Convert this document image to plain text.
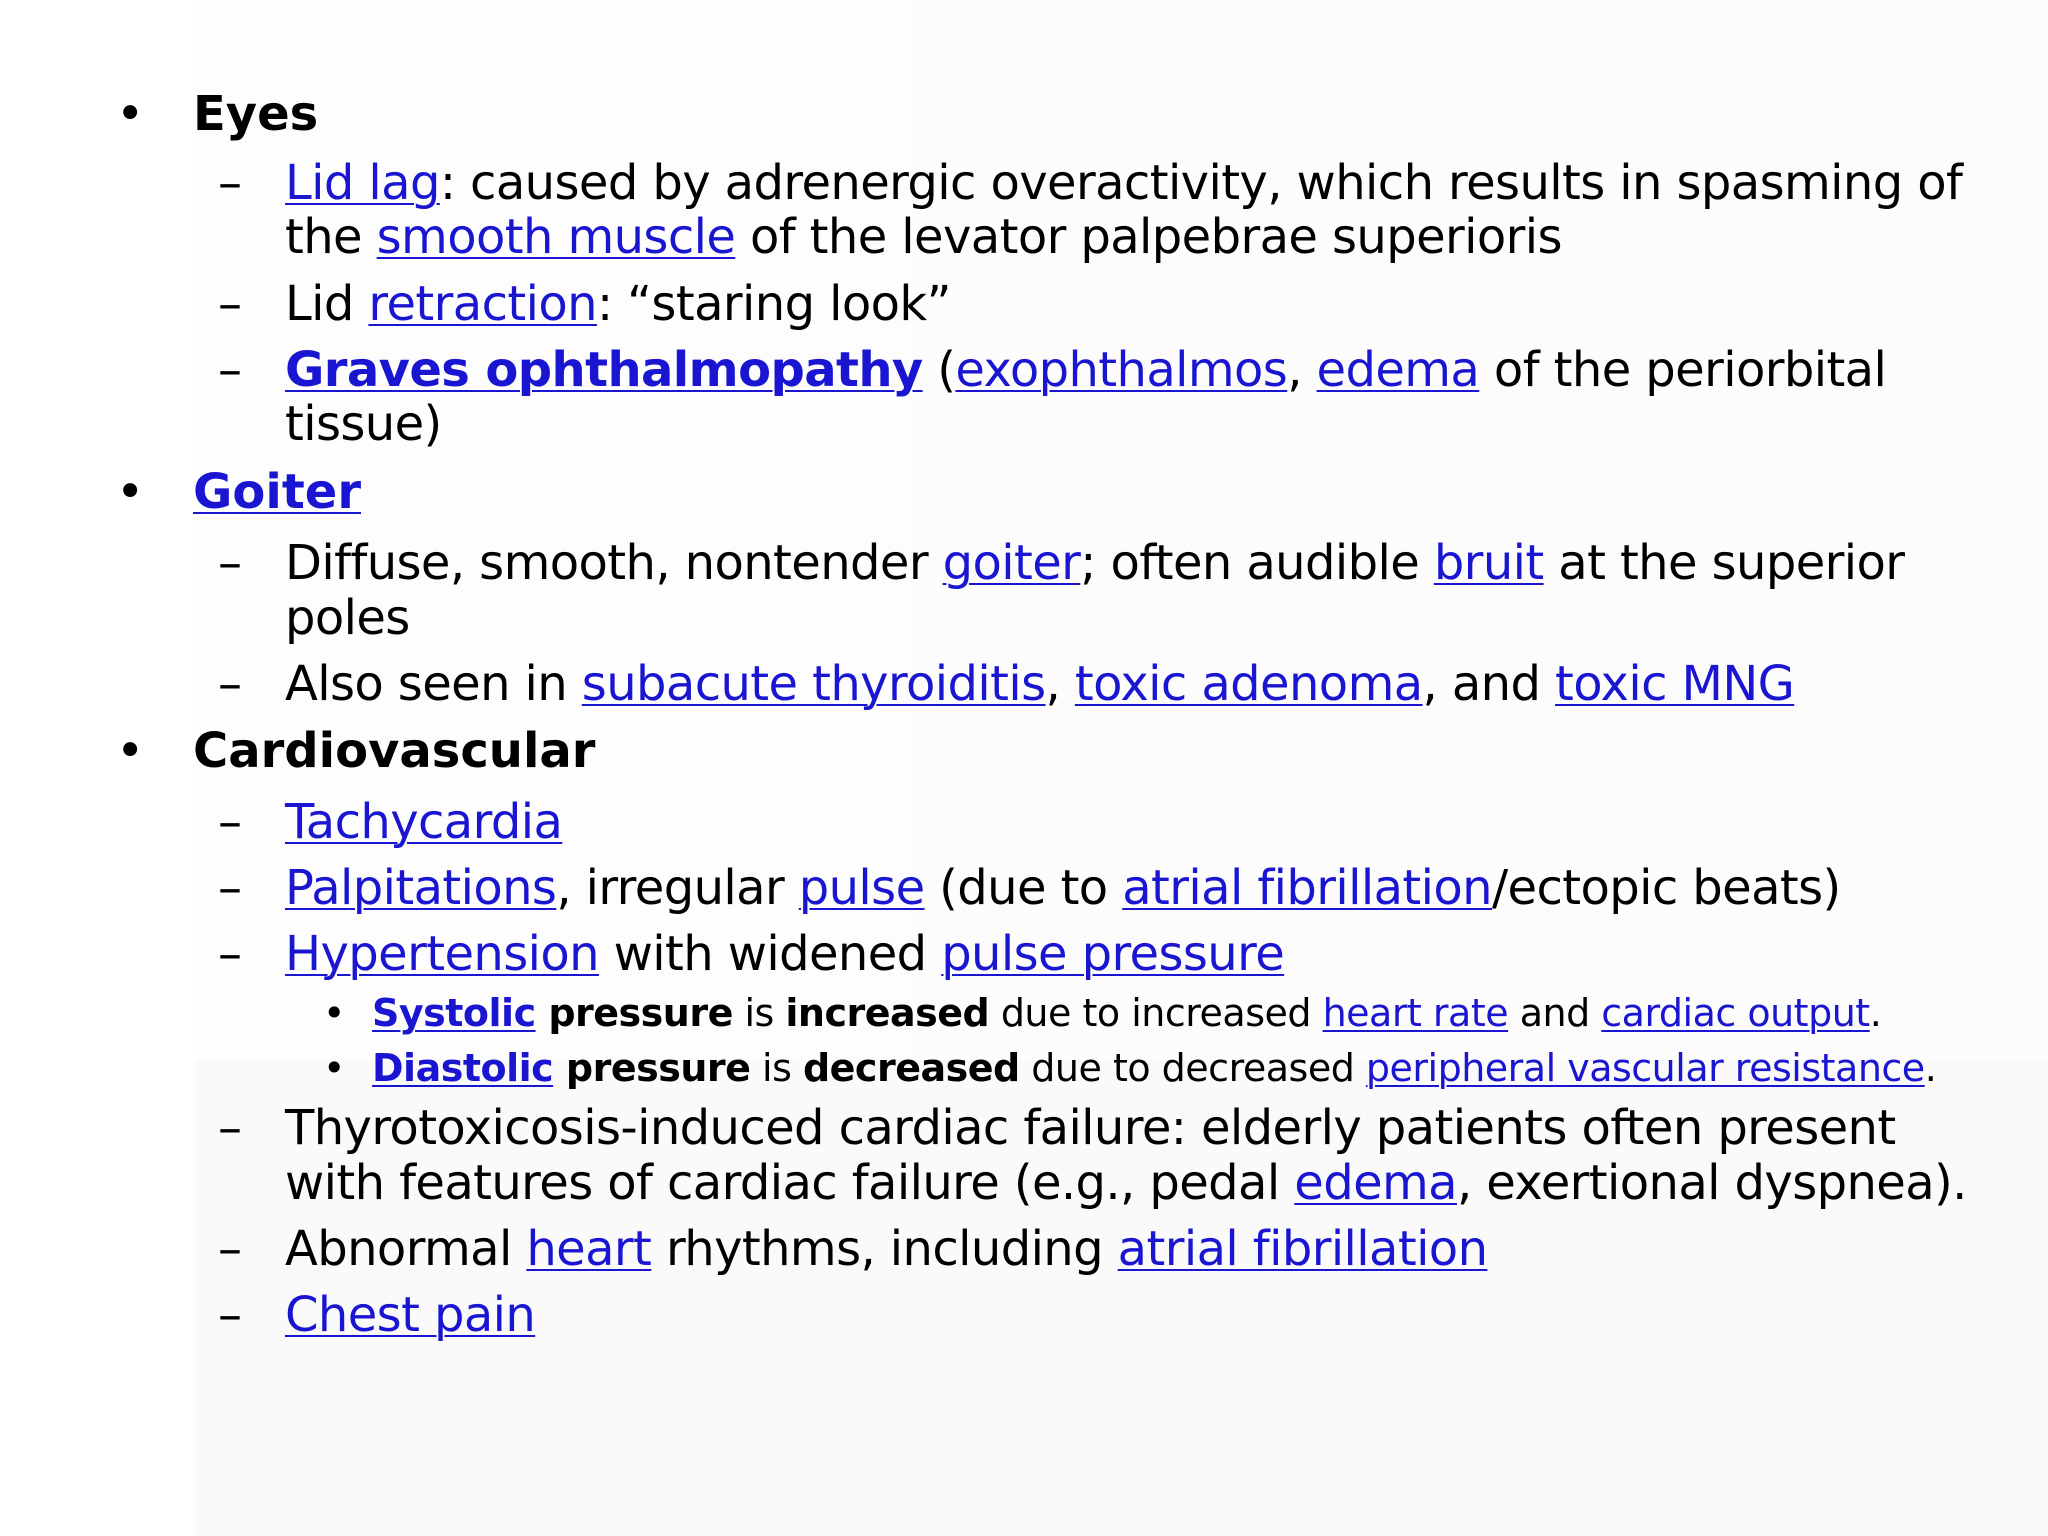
• Eyes
– Lid lag: caused by adrenergic overactivity, which results in spasming of
the smooth muscle of the levator palpebrae superioris
– Lid retraction: “staring look”
– Graves ophthalmopathy (exophthalmos, edema of the periorbital
tissue)
• Goiter
– Diffuse, smooth, nontender goiter; often audible bruit at the superior
poles
– Also seen in subacute thyroiditis, toxic adenoma, and toxic MNG
• Cardiovascular
– Tachycardia
– Palpitations, irregular pulse (due to atrial fibrillation/ectopic beats)
– Hypertension with widened pulse pressure
• Systolic pressure is increased due to increased heart rate and cardiac output.
• Diastolic pressure is decreased due to decreased peripheral vascular resistance.
– Thyrotoxicosis-induced cardiac failure: elderly patients often present
with features of cardiac failure (e.g., pedal edema, exertional dyspnea).
– Abnormal heart rhythms, including atrial fibrillation
– Chest pain
